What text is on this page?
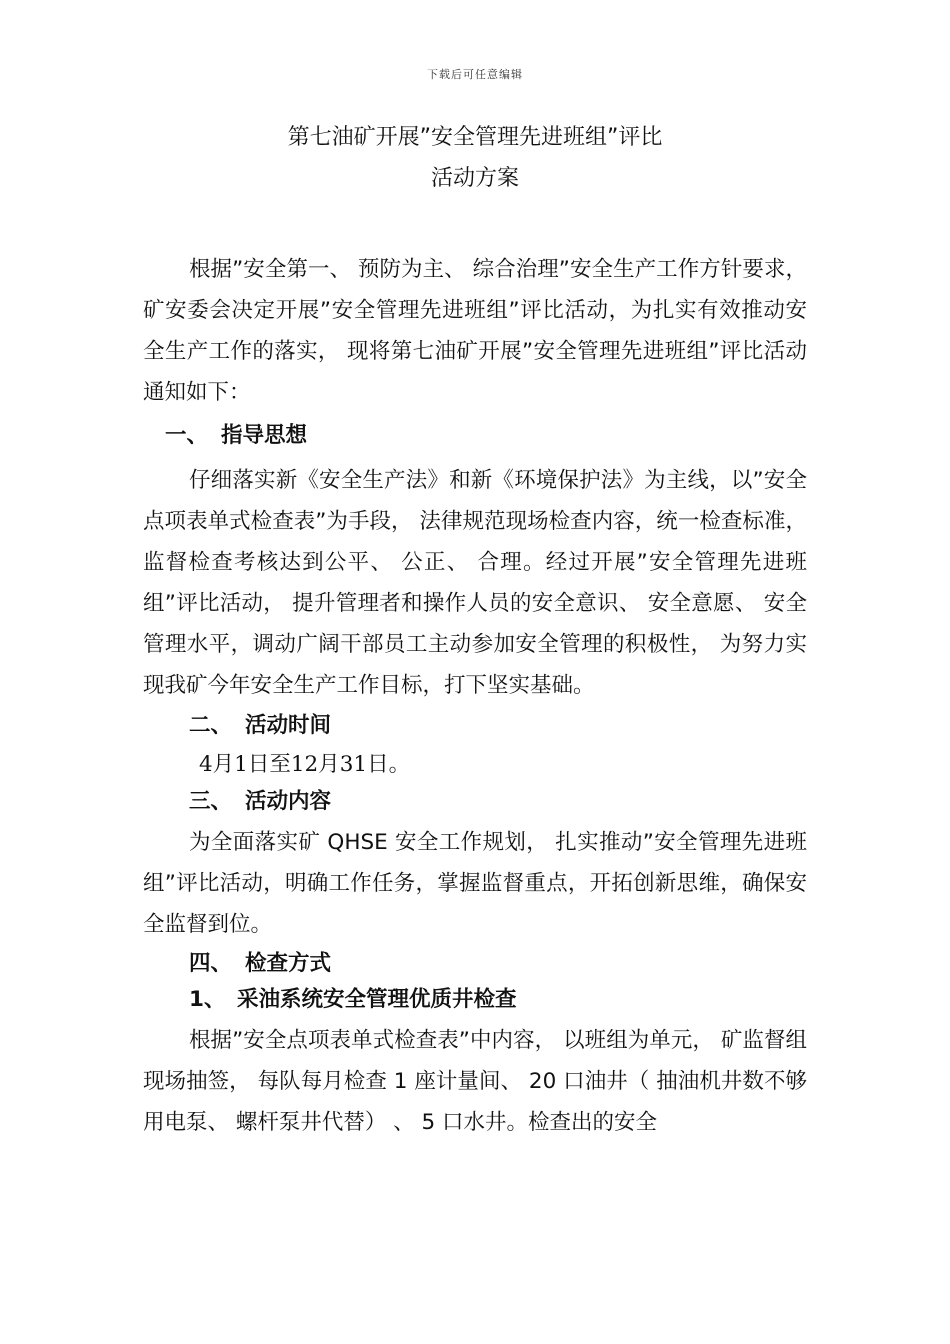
下载后可任意编辑
第七油矿开展”安全管理先进班组”评比
活动方案

根据”安全第一、 预防为主、 综合治理”安全生产工作方针要求，矿安委会决定开展”安全管理先进班组”评比活动，为扎实有效推动安全生产工作的落实， 现将第七油矿开展”安全管理先进班组”评比活动通知如下：

一、 指导思想

仔细落实新《安全生产法》和新《环境保护法》为主线，以”安全点项表单式检查表”为手段， 法律规范现场检查内容，统一检查标准，监督检查考核达到公平、 公正、 合理。经过开展”安全管理先进班组”评比活动， 提升管理者和操作人员的安全意识、 安全意愿、 安全管理水平，调动广阔干部员工主动参加安全管理的积极性， 为努力实现我矿今年安全生产工作目标，打下坚实基础。

二、 活动时间

4月1日至12月31日。

三、 活动内容

为全面落实矿 QHSE 安全工作规划， 扎实推动”安全管理先进班组”评比活动，明确工作任务，掌握监督重点，开拓创新思维，确保安全监督到位。

四、 检查方式
1、 采油系统安全管理优质井检查

根据”安全点项表单式检查表”中内容， 以班组为单元， 矿监督组现场抽签， 每队每月检查 1 座计量间、 20 口油井（ 抽油机井数不够用电泵、 螺杆泵井代替） 、 5 口水井。检查出的安全
